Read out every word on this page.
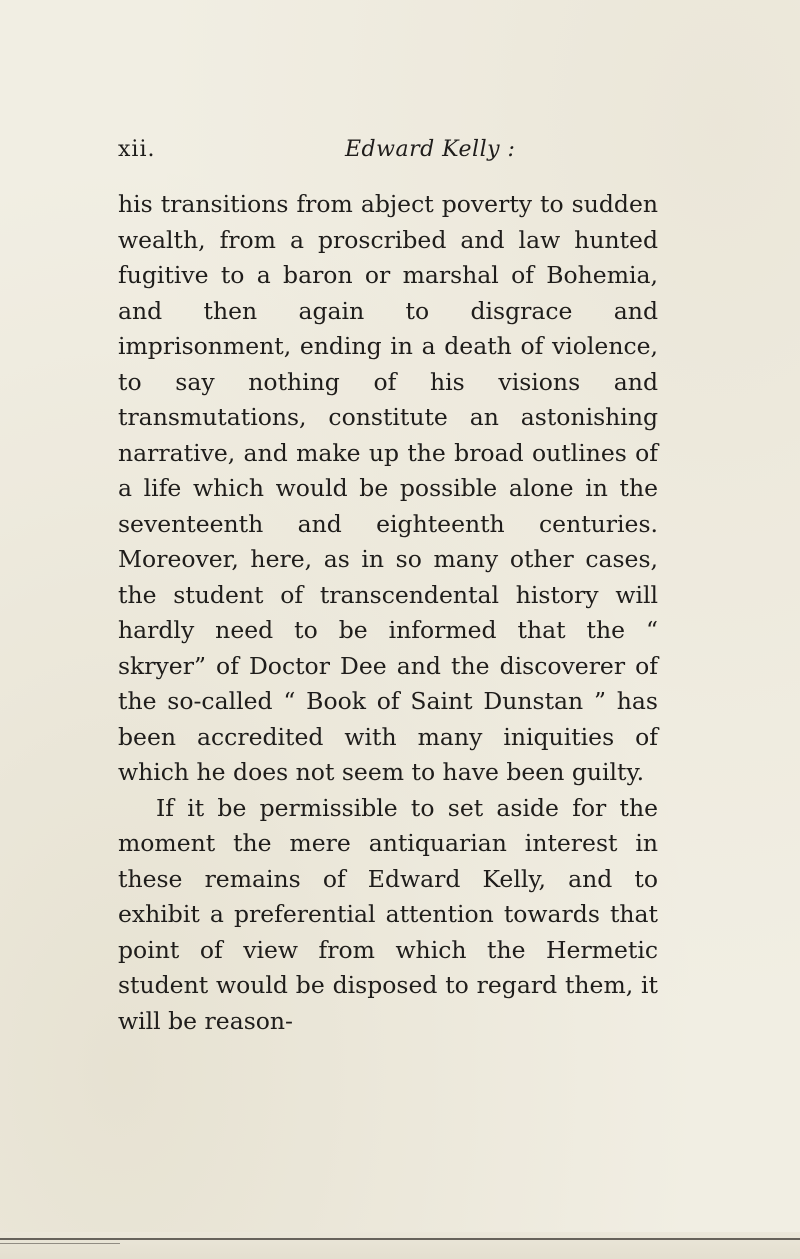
xii.	Edward Kelly :

his transitions from abject poverty to sudden wealth, from a proscribed and law hunted fugitive to a baron or marshal of Bohemia, and then again to disgrace and imprisonment, ending in a death of violence, to say nothing of his visions and transmutations, constitute an astonishing narrative, and make up the broad outlines of a life which would be possible alone in the seventeenth and eighteenth centuries. Moreover, here, as in so many other cases, the student of transcendental history will hardly need to be informed that the “ skryer” of Doctor Dee and the discoverer of the so-called “ Book of Saint Dunstan ” has been accredited with many iniquities of which he does not seem to have been guilty.

If it be permissible to set aside for the moment the mere antiquarian interest in these remains of Edward Kelly, and to exhibit a preferential attention towards that point of view from which the Hermetic student would be disposed to regard them, it will be reason-
